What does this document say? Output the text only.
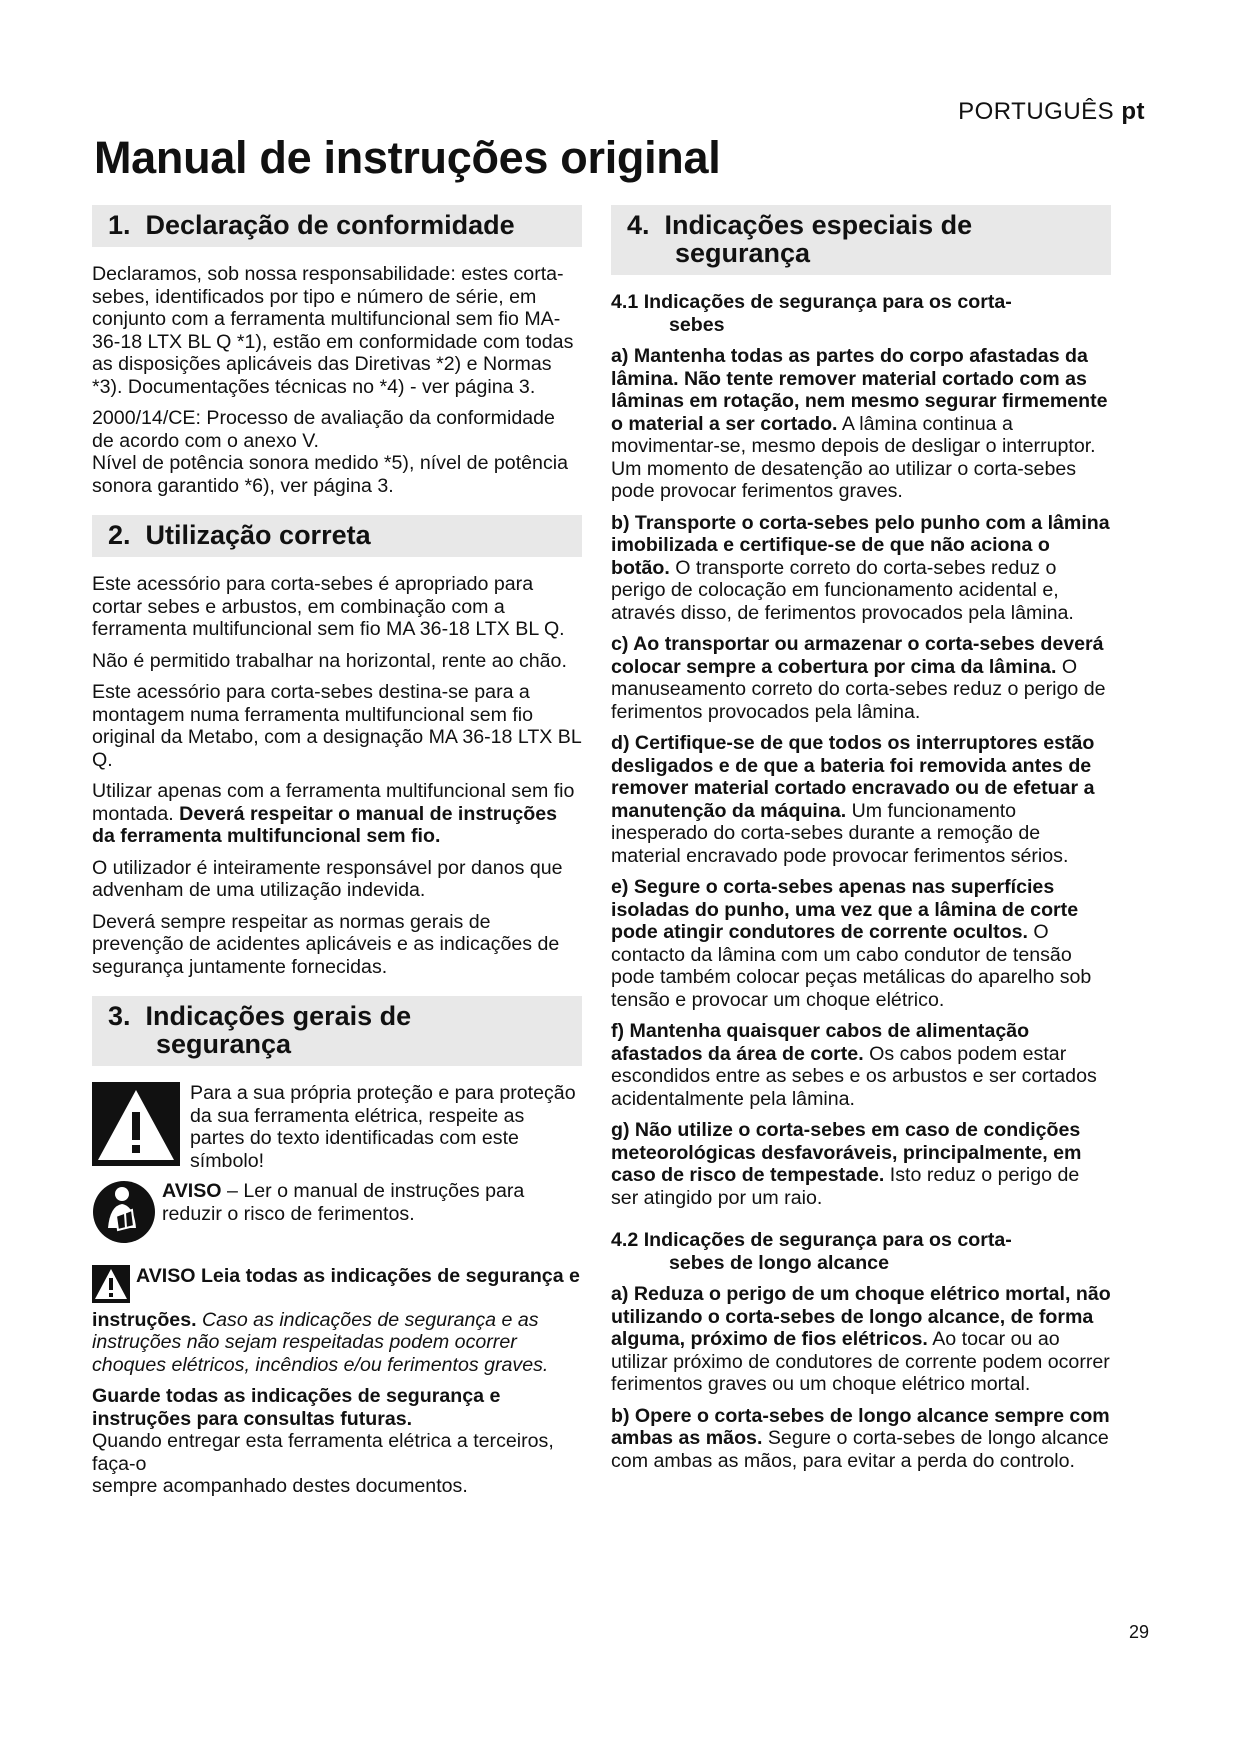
PORTUGUÊS pt
Manual de instruções original
1. Declaração de conformidade

Declaramos, sob nossa responsabilidade: estes corta-sebes, identificados por tipo e número de série, em conjunto com a ferramenta multifuncional sem fio MA-36-18 LTX BL Q *1), estão em conformidade com todas as disposições aplicáveis das Diretivas *2) e Normas *3). Documentações técnicas no *4) - ver página 3.

2000/14/CE: Processo de avaliação da conformidade de acordo com o anexo V.
Nível de potência sonora medido *5), nível de potência sonora garantido *6), ver página 3.

2. Utilização correta

Este acessório para corta-sebes é apropriado para cortar sebes e arbustos, em combinação com a ferramenta multifuncional sem fio MA 36-18 LTX BL Q.

Não é permitido trabalhar na horizontal, rente ao chão.

Este acessório para corta-sebes destina-se para a montagem numa ferramenta multifuncional sem fio original da Metabo, com a designação MA 36-18 LTX BL Q.

Utilizar apenas com a ferramenta multifuncional sem fio montada. Deverá respeitar o manual de instruções da ferramenta multifuncional sem fio.

O utilizador é inteiramente responsável por danos que advenham de uma utilização indevida.

Deverá sempre respeitar as normas gerais de prevenção de acidentes aplicáveis e as indicações de segurança juntamente fornecidas.

3. Indicações gerais de
segurança

Para a sua própria proteção e para proteção da sua ferramenta elétrica, respeite as partes do texto identificadas com este símbolo!

AVISO – Ler o manual de instruções para reduzir o risco de ferimentos.

AVISO Leia todas as indicações de segurança e instruções. Caso as indicações de segurança e as instruções não sejam respeitadas podem ocorrer choques elétricos, incêndios e/ou ferimentos graves.

Guarde todas as indicações de segurança e instruções para consultas futuras.
Quando entregar esta ferramenta elétrica a terceiros, faça-o
sempre acompanhado destes documentos.

4. Indicações especiais de
segurança
4.1 Indicações de segurança para os corta-
sebes

a) Mantenha todas as partes do corpo afastadas da lâmina. Não tente remover material cortado com as lâminas em rotação, nem mesmo segurar firmemente o material a ser cortado. A lâmina continua a movimentar-se, mesmo depois de desligar o interruptor. Um momento de desatenção ao utilizar o corta-sebes pode provocar ferimentos graves.

b) Transporte o corta-sebes pelo punho com a lâmina imobilizada e certifique-se de que não aciona o botão. O transporte correto do corta-sebes reduz o perigo de colocação em funcionamento acidental e, através disso, de ferimentos provocados pela lâmina.

c) Ao transportar ou armazenar o corta-sebes deverá colocar sempre a cobertura por cima da lâmina. O manuseamento correto do corta-sebes reduz o perigo de ferimentos provocados pela lâmina.

d) Certifique-se de que todos os interruptores estão desligados e de que a bateria foi removida antes de remover material cortado encravado ou de efetuar a manutenção da máquina. Um funcionamento inesperado do corta-sebes durante a remoção de material encravado pode provocar ferimentos sérios.

e) Segure o corta-sebes apenas nas superfícies isoladas do punho, uma vez que a lâmina de corte pode atingir condutores de corrente ocultos. O contacto da lâmina com um cabo condutor de tensão pode também colocar peças metálicas do aparelho sob tensão e provocar um choque elétrico.

f) Mantenha quaisquer cabos de alimentação afastados da área de corte. Os cabos podem estar escondidos entre as sebes e os arbustos e ser cortados acidentalmente pela lâmina.

g) Não utilize o corta-sebes em caso de condições meteorológicas desfavoráveis, principalmente, em caso de risco de tempestade. Isto reduz o perigo de ser atingido por um raio.

4.2 Indicações de segurança para os corta-
sebes de longo alcance

a) Reduza o perigo de um choque elétrico mortal, não utilizando o corta-sebes de longo alcance, de forma alguma, próximo de fios elétricos. Ao tocar ou ao utilizar próximo de condutores de corrente podem ocorrer ferimentos graves ou um choque elétrico mortal.

b) Opere o corta-sebes de longo alcance sempre com ambas as mãos. Segure o corta-sebes de longo alcance com ambas as mãos, para evitar a perda do controlo.

29
